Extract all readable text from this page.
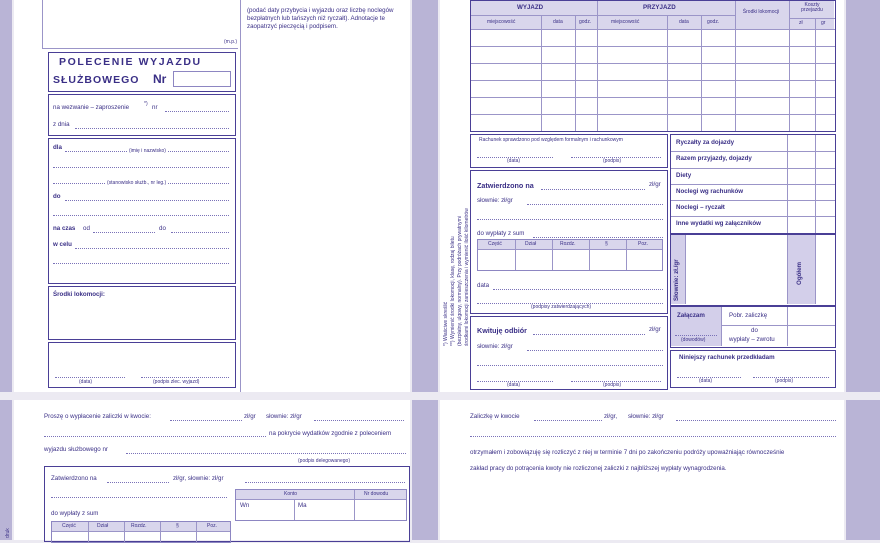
(m.p.)
(podać daty przybycia i wyjazdu oraz liczbę noclegów
bezpłatnych lub tańszych niż ryczałt). Adnotacje te
zaopatrzyć pieczęcią i podpisem.
POLECENIE WYJAZDU
SŁUŻBOWEGO Nr
na wezwanie – zaproszenie	*) nr
z dnia
dla	(imię i nazwisko)
(stanowisko służb., nr leg.)
do
na czas od	do
w celu
Środki lokomocji:
(data)	(podpis zlec. wyjazd)
*) Właściwe skreślić **) Wymienić środki lokomocji, klasę, rodzaj biletu (bezpłatny, ulgowy, normalny). Przy podróżach prywatnymi środkami lokomocji zamieszczenia i wymienić ilość kilometrów
WYJAZD	PRZYJAZD
Środki lokomocji
Koszty przejazdu
miejscowość	data	godz.	miejscowość	data	godz.	zł	gr
Rachunek sprawdzono pod względem formalnym i rachunkowym
(data)	(podpis)
Zatwierdzono na	zł/gr
słownie: zł/gr
do wypłaty z sum
Część	Dział	Rozdz.	§	Poz.
data
(podpisy zatwierdzających)
Kwituję odbiór	zł/gr
słownie: zł/gr
(data)	(podpis)
Ryczałty za dojazdy
Razem przyjazdy, dojazdy
Diety
Noclegi wg rachunków
Noclegi – ryczałt
Inne wydatki wg załączników
Słownie: zł./gr	Ogółem
Załączam
(dowodów)
Pobr. zaliczkę
do
wypłaty – zwrotu
Niniejszy rachunek przedkładam
(data)	(podpis)
druk
Proszę o wypłacenie zaliczki w kwocie:	zł/gr słownie: zł/gr
na pokrycie wydatków zgodnie z poleceniem
wyjazdu służbowego nr
(podpis delegowanego)
Zatwierdzono na	zł/gr, słownie: zł/gr
Konto	Nr dowodu
Wn	Ma
do wypłaty z sum
Część	Dział	Rozdz.	§	Poz.
Zaliczkę w kwocie	zł/gr, słownie: zł/gr
otrzymałem i zobowiązuję się rozliczyć z niej w terminie 7 dni po zakończeniu podróży upoważniając równocześnie
zakład pracy do potrącenia kwoty nie rozliczonej zaliczki z najbliższej wypłaty wynagrodzenia.
